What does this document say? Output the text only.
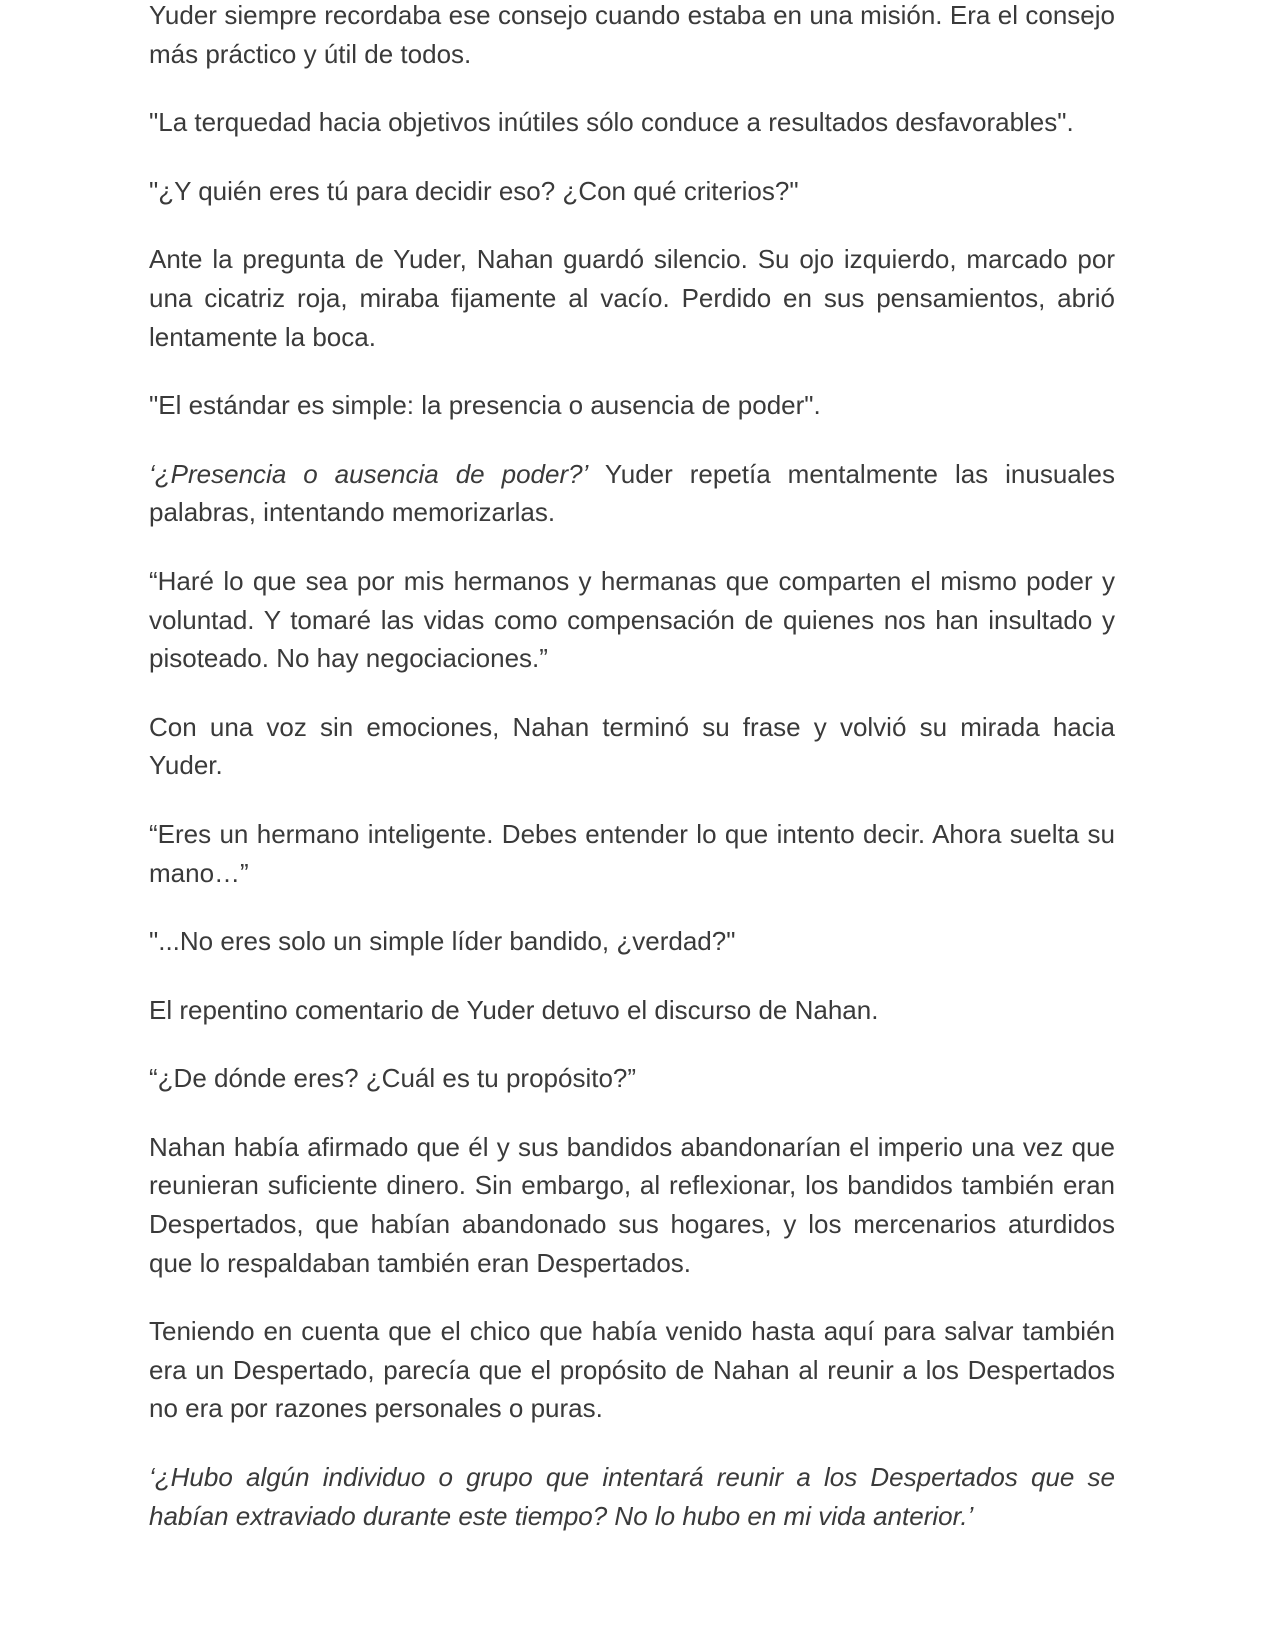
Yuder siempre recordaba ese consejo cuando estaba en una misión. Era el consejo más práctico y útil de todos.

"La terquedad hacia objetivos inútiles sólo conduce a resultados desfavorables".

"¿Y quién eres tú para decidir eso? ¿Con qué criterios?"

Ante la pregunta de Yuder, Nahan guardó silencio. Su ojo izquierdo, marcado por una cicatriz roja, miraba fijamente al vacío. Perdido en sus pensamientos, abrió lentamente la boca.

"El estándar es simple: la presencia o ausencia de poder".

‘¿Presencia o ausencia de poder?’ Yuder repetía mentalmente las inusuales palabras, intentando memorizarlas.

“Haré lo que sea por mis hermanos y hermanas que comparten el mismo poder y voluntad. Y tomaré las vidas como compensación de quienes nos han insultado y pisoteado. No hay negociaciones.”

Con una voz sin emociones, Nahan terminó su frase y volvió su mirada hacia Yuder.

“Eres un hermano inteligente. Debes entender lo que intento decir. Ahora suelta su mano…”

"...No eres solo un simple líder bandido, ¿verdad?"

El repentino comentario de Yuder detuvo el discurso de Nahan.

“¿De dónde eres? ¿Cuál es tu propósito?”

Nahan había afirmado que él y sus bandidos abandonarían el imperio una vez que reunieran suficiente dinero. Sin embargo, al reflexionar, los bandidos también eran Despertados, que habían abandonado sus hogares, y los mercenarios aturdidos que lo respaldaban también eran Despertados.

Teniendo en cuenta que el chico que había venido hasta aquí para salvar también era un Despertado, parecía que el propósito de Nahan al reunir a los Despertados no era por razones personales o puras.

‘¿Hubo algún individuo o grupo que intentará reunir a los Despertados que se habían extraviado durante este tiempo? No lo hubo en mi vida anterior.’
